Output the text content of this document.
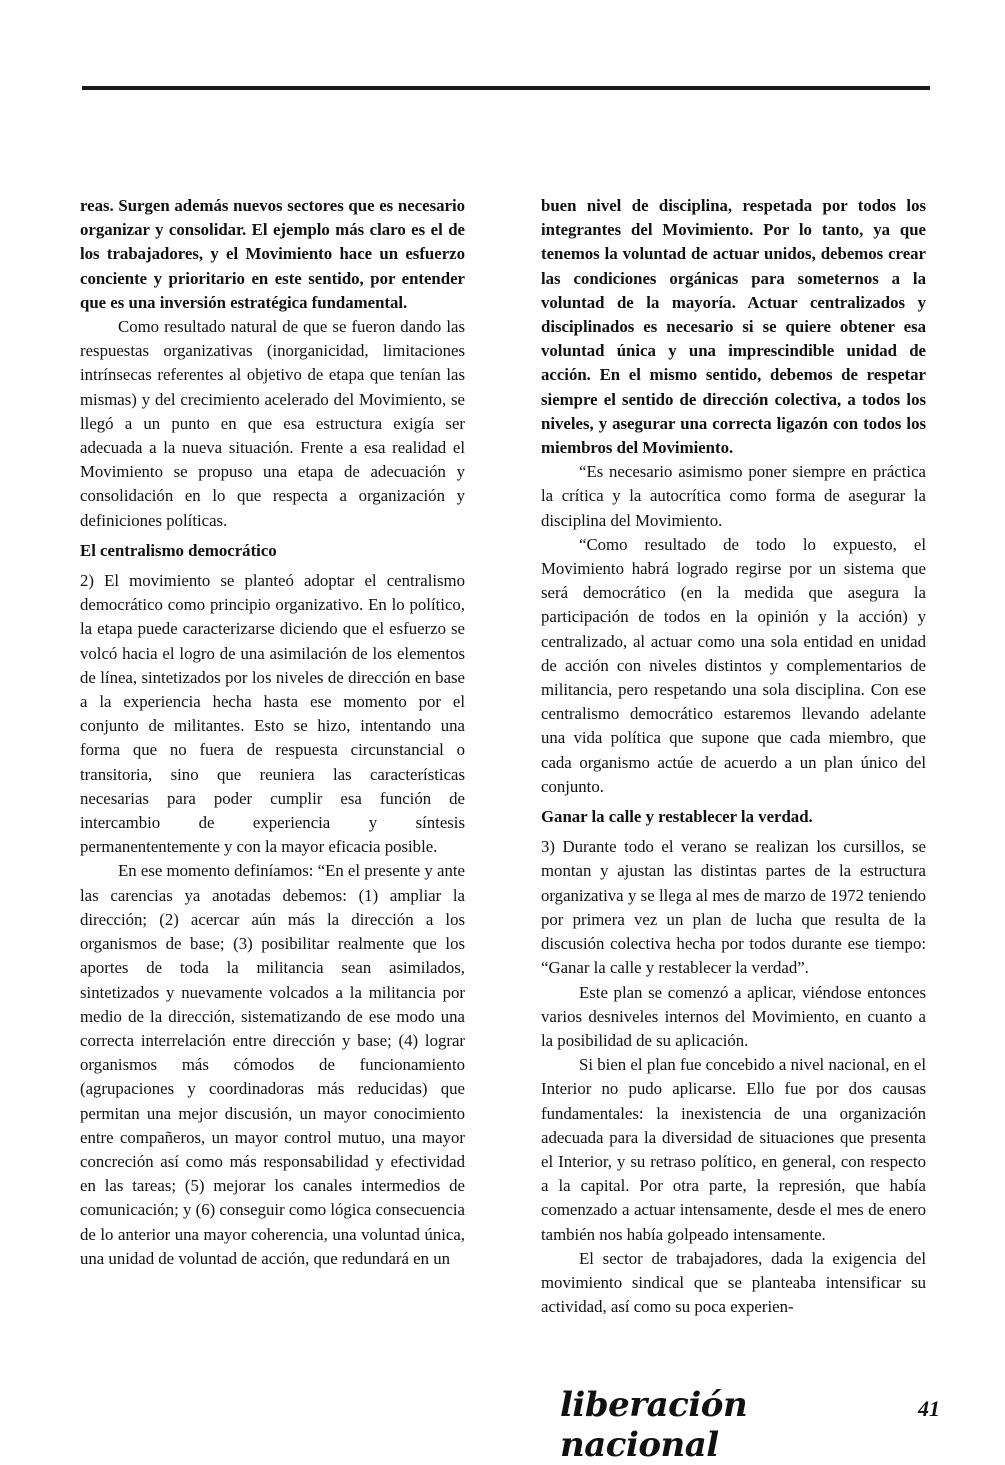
reas. Surgen además nuevos sectores que es necesario organizar y consolidar. El ejemplo más claro es el de los trabajadores, y el Movimiento hace un esfuerzo conciente y prioritario en este sentido, por entender que es una inversión estratégica fundamental.

Como resultado natural de que se fueron dando las respuestas organizativas (inorganicidad, limitaciones intrínsecas referentes al objetivo de etapa que tenían las mismas) y del crecimiento acelerado del Movimiento, se llegó a un punto en que esa estructura exigía ser adecuada a la nueva situación. Frente a esa realidad el Movimiento se propuso una etapa de adecuación y consolidación en lo que respecta a organización y definiciones políticas.

El centralismo democrático

2) El movimiento se planteó adoptar el centralismo democrático como principio organizativo. En lo político, la etapa puede caracterizarse diciendo que el esfuerzo se volcó hacia el logro de una asimilación de los elementos de línea, sintetizados por los niveles de dirección en base a la experiencia hecha hasta ese momento por el conjunto de militantes. Esto se hizo, intentando una forma que no fuera de respuesta circunstancial o transitoria, sino que reuniera las características necesarias para poder cumplir esa función de intercambio de experiencia y síntesis permanententemente y con la mayor eficacia posible.

En ese momento definíamos: “En el presente y ante las carencias ya anotadas debemos: (1) ampliar la dirección; (2) acercar aún más la dirección a los organismos de base; (3) posibilitar realmente que los aportes de toda la militancia sean asimilados, sintetizados y nuevamente volcados a la militancia por medio de la dirección, sistematizando de ese modo una correcta interrelación entre dirección y base; (4) lograr organismos más cómodos de funcionamiento (agrupaciones y coordinadoras más reducidas) que permitan una mejor discusión, un mayor conocimiento entre compañeros, un mayor control mutuo, una mayor concreción así como más responsabilidad y efectividad en las tareas; (5) mejorar los canales intermedios de comunicación; y (6) conseguir como lógica consecuencia de lo anterior una mayor coherencia, una voluntad única, una unidad de voluntad de acción, que redundará en un

buen nivel de disciplina, respetada por todos los integrantes del Movimiento. Por lo tanto, ya que tenemos la voluntad de actuar unidos, debemos crear las condiciones orgánicas para someternos a la voluntad de la mayoría. Actuar centralizados y disciplinados es necesario si se quiere obtener esa voluntad única y una imprescindible unidad de acción. En el mismo sentido, debemos de respetar siempre el sentido de dirección colectiva, a todos los niveles, y asegurar una correcta ligazón con todos los miembros del Movimiento.

“Es necesario asimismo poner siempre en práctica la crítica y la autocrítica como forma de asegurar la disciplina del Movimiento.

“Como resultado de todo lo expuesto, el Movimiento habrá logrado regirse por un sistema que será democrático (en la medida que asegura la participación de todos en la opinión y la acción) y centralizado, al actuar como una sola entidad en unidad de acción con niveles distintos y complementarios de militancia, pero respetando una sola disciplina. Con ese centralismo democrático estaremos llevando adelante una vida política que supone que cada miembro, que cada organismo actúe de acuerdo a un plan único del conjunto.

Ganar la calle y restablecer la verdad.

3) Durante todo el verano se realizan los cursillos, se montan y ajustan las distintas partes de la estructura organizativa y se llega al mes de marzo de 1972 teniendo por primera vez un plan de lucha que resulta de la discusión colectiva hecha por todos durante ese tiempo: “Ganar la calle y restablecer la verdad”.

Este plan se comenzó a aplicar, viéndose entonces varios desniveles internos del Movimiento, en cuanto a la posibilidad de su aplicación.

Si bien el plan fue concebido a nivel nacional, en el Interior no pudo aplicarse. Ello fue por dos causas fundamentales: la inexistencia de una organización adecuada para la diversidad de situaciones que presenta el Interior, y su retraso político, en general, con respecto a la capital. Por otra parte, la represión, que había comenzado a actuar intensamente, desde el mes de enero también nos había golpeado intensamente.

El sector de trabajadores, dada la exigencia del movimiento sindical que se planteaba intensificar su actividad, así como su poca experien-

liberación nacional
41
